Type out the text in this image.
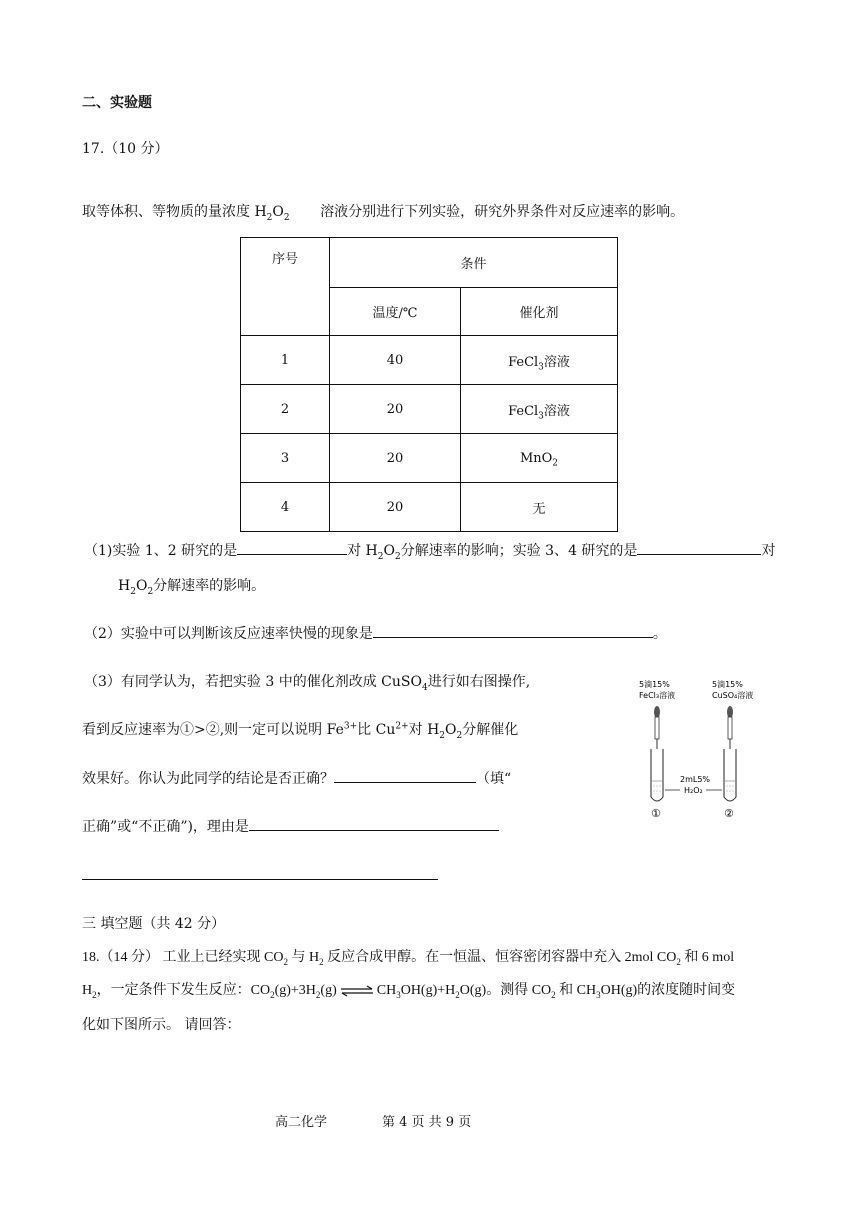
二、实验题
17.（10 分）
取等体积、等物质的量浓度 $H_2O_2$ 溶液分别进行下列实验，研究外界条件对反应速率的影响。
序号	条件	
	温度/℃	催化剂
1	40	FeCl$_3$溶液
2	20	FeCl$_3$溶液
3	20	MnO$_2$
4	20	无
（1)实验 1、2 研究的是	对 $H_2O_2$分解速率的影响；实验 3、4 研究的是	对
$H_2O_2$分解速率的影响。
（2）实验中可以判断该反应速率快慢的现象是	。
（3）有同学认为，若把实验 3 中的催化剂改成 CuSO$_4$进行如右图操作,
看到反应速率为①>②,则一定可以说明 $Fe^{3+}$比 $Cu^{2+}$对 $H_2O_2$分解催化
效果好。你认为此同学的结论是否正确？	（填“
正确”或“不正确”)，理由是
5滴15%
FeCl₃溶液
5滴15%
CuSO₄溶液
2mL5%
H₂O₂
①	②
三 填空题（共 42 分）
18.（14 分） 工业上已经实现 $CO_2$ 与 $H_2$ 反应合成甲醇。在一恒温、恒容密闭容器中充入 2mol $CO_2$ 和 6 mol
$H_2$，一定条件下发生反应：$CO_2(g)+3H_2(g)$ ⇌ $CH_3OH(g)+H_2O(g)$。测得 $CO_2$ 和 $CH_3OH(g)$的浓度随时间变
化如下图所示。 请回答：
高二化学	第 4 页 共 9 页
